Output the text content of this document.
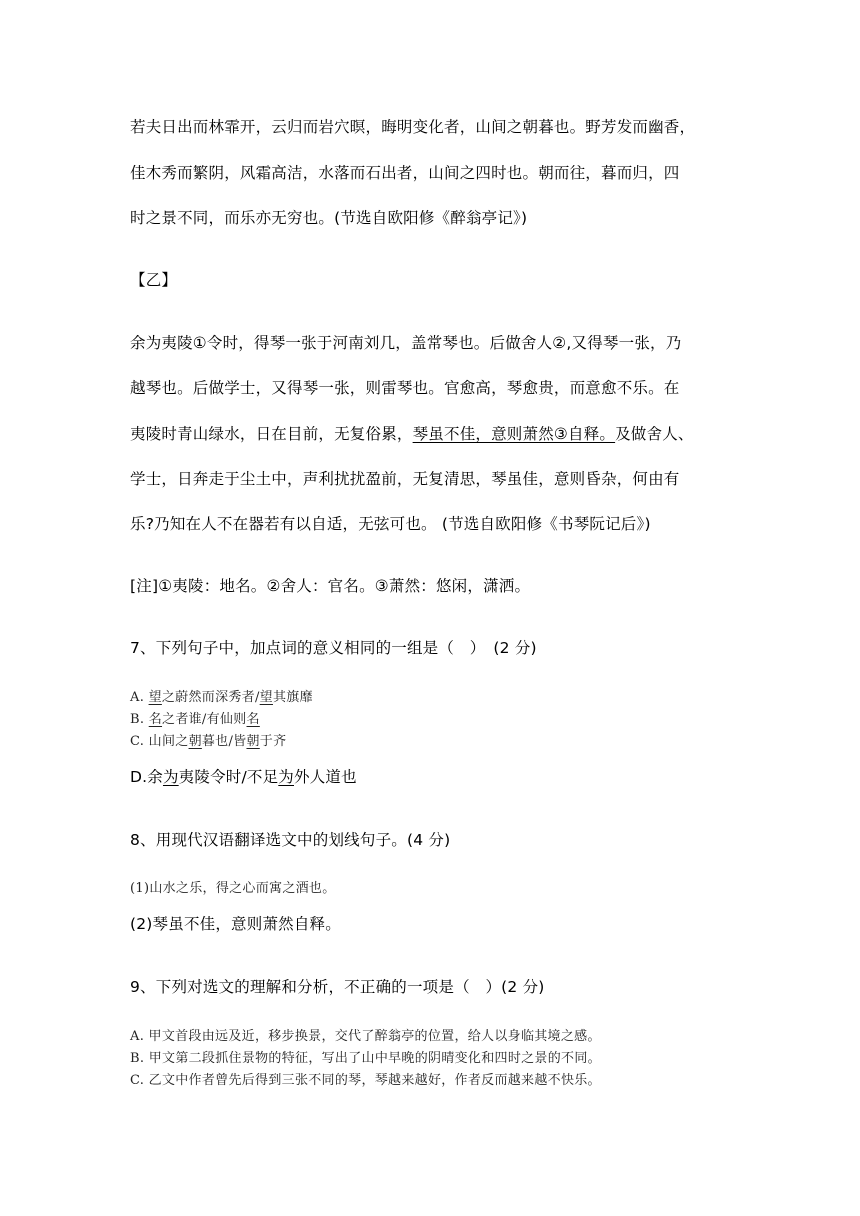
若夫日出而林霏开，云归而岩穴暝，晦明变化者，山间之朝暮也。野芳发而幽香，
佳木秀而繁阴，风霜高洁，水落而石出者，山间之四时也。朝而往，暮而归，四
时之景不同，而乐亦无穷也。(节选自欧阳修《醉翁亭记》)
【乙】
余为夷陵①令时，得琴一张于河南刘几，盖常琴也。后做舍人②,又得琴一张，乃
越琴也。后做学士，又得琴一张，则雷琴也。官愈高，琴愈贵，而意愈不乐。在
夷陵时青山绿水，日在目前，无复俗累，琴虽不佳，意则萧然③自释。及做舍人、
学士，日奔走于尘土中，声利扰扰盈前，无复清思，琴虽佳，意则昏杂，何由有
乐?乃知在人不在器若有以自适，无弦可也。 (节选自欧阳修《书琴阮记后》)
[注]①夷陵：地名。②舍人：官名。③萧然：悠闲，潇洒。
7、下列句子中，加点词的意义相同的一组是（　）　(2 分)
A. 望之蔚然而深秀者/望其旗靡
B. 名之者谁/有仙则名
C. 山间之朝暮也/皆朝于齐
D.余为夷陵令时/不足为外人道也
8、用现代汉语翻译选文中的划线句子。(4 分)
(1)山水之乐，得之心而寓之酒也。
(2)琴虽不佳，意则萧然自释。
9、下列对选文的理解和分析，不正确的一项是（　）(2 分)
A. 甲文首段由远及近，移步换景，交代了醉翁亭的位置，给人以身临其境之感。
B. 甲文第二段抓住景物的特征，写出了山中早晚的阴晴变化和四时之景的不同。
C. 乙文中作者曾先后得到三张不同的琴，琴越来越好，作者反而越来越不快乐。
